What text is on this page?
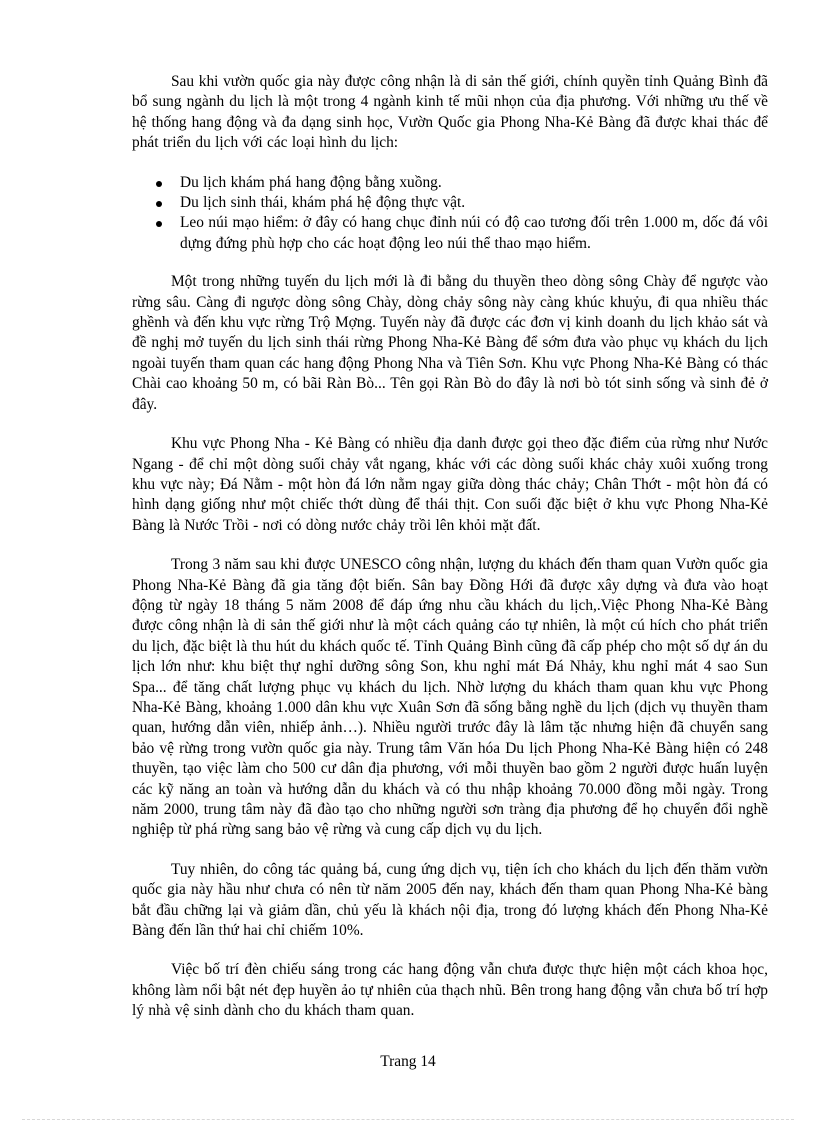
Sau khi vườn quốc gia này được công nhận là di sản thế giới, chính quyền tỉnh Quảng Bình đã bổ sung ngành du lịch là một trong 4 ngành kinh tế mũi nhọn của địa phương. Với những ưu thế về hệ thống hang động và đa dạng sinh học, Vườn Quốc gia Phong Nha-Kẻ Bàng đã được khai thác để phát triển du lịch với các loại hình du lịch:

Du lịch khám phá hang động bằng xuồng.
Du lịch sinh thái, khám phá hệ động thực vật.
Leo núi mạo hiểm: ở đây có hang chục đỉnh núi có độ cao tương đối trên 1.000 m, dốc đá vôi dựng đứng phù hợp cho các hoạt động leo núi thể thao mạo hiểm.

Một trong những tuyến du lịch mới là đi bằng du thuyền theo dòng sông Chày để ngược vào rừng sâu. Càng đi ngược dòng sông Chày, dòng chảy sông này càng khúc khuỷu, đi qua nhiều thác ghềnh và đến khu vực rừng Trộ Mợng. Tuyến này đã được các đơn vị kinh doanh du lịch khảo sát và đề nghị mở tuyến du lịch sinh thái rừng Phong Nha-Kẻ Bàng để sớm đưa vào phục vụ khách du lịch ngoài tuyến tham quan các hang động Phong Nha và Tiên Sơn. Khu vực Phong Nha-Kẻ Bàng có thác Chài cao khoảng 50 m, có bãi Ràn Bò... Tên gọi Ràn Bò do đây là nơi bò tót sinh sống và sinh đẻ ở đây.

Khu vực Phong Nha - Kẻ Bàng có nhiều địa danh được gọi theo đặc điểm của rừng như Nước Ngang - để chỉ một dòng suối chảy vắt ngang, khác với các dòng suối khác chảy xuôi xuống trong khu vực này; Đá Nằm - một hòn đá lớn nằm ngay giữa dòng thác chảy; Chân Thớt - một hòn đá có hình dạng giống như một chiếc thớt dùng để thái thịt. Con suối đặc biệt ở khu vực Phong Nha-Kẻ Bàng là Nước Trồi - nơi có dòng nước chảy trồi lên khỏi mặt đất.

Trong 3 năm sau khi được UNESCO công nhận, lượng du khách đến tham quan Vườn quốc gia Phong Nha-Kẻ Bàng đã gia tăng đột biến. Sân bay Đồng Hới đã được xây dựng và đưa vào hoạt động từ ngày 18 tháng 5 năm 2008 để đáp ứng nhu cầu khách du lịch,.Việc Phong Nha-Kẻ Bàng được công nhận là di sản thế giới như là một cách quảng cáo tự nhiên, là một cú hích cho phát triển du lịch, đặc biệt là thu hút du khách quốc tế. Tỉnh Quảng Bình cũng đã cấp phép cho một số dự án du lịch lớn như: khu biệt thự nghỉ dưỡng sông Son, khu nghỉ mát Đá Nhảy, khu nghỉ mát 4 sao Sun Spa... để tăng chất lượng phục vụ khách du lịch. Nhờ lượng du khách tham quan khu vực Phong Nha-Kẻ Bàng, khoảng 1.000 dân khu vực Xuân Sơn đã sống bằng nghề du lịch (dịch vụ thuyền tham quan, hướng dẫn viên, nhiếp ảnh…). Nhiều người trước đây là lâm tặc nhưng hiện đã chuyển sang bảo vệ rừng trong vườn quốc gia này. Trung tâm Văn hóa Du lịch Phong Nha-Kẻ Bàng hiện có 248 thuyền, tạo việc làm cho 500 cư dân địa phương, với mỗi thuyền bao gồm 2 người được huấn luyện các kỹ năng an toàn và hướng dẫn du khách và có thu nhập khoảng 70.000 đồng mỗi ngày. Trong năm 2000, trung tâm này đã đào tạo cho những người sơn tràng địa phương để họ chuyển đổi nghề nghiệp từ phá rừng sang bảo vệ rừng và cung cấp dịch vụ du lịch.

Tuy nhiên, do công tác quảng bá, cung ứng dịch vụ, tiện ích cho khách du lịch đến thăm vườn quốc gia này hầu như chưa có nên từ năm 2005 đến nay, khách đến tham quan Phong Nha-Kẻ bàng bắt đầu chững lại và giảm dần, chủ yếu là khách nội địa, trong đó lượng khách đến Phong Nha-Kẻ Bàng đến lần thứ hai chỉ chiếm 10%.

Việc bố trí đèn chiếu sáng trong các hang động vẫn chưa được thực hiện một cách khoa học, không làm nổi bật nét đẹp huyền ảo tự nhiên của thạch nhũ. Bên trong hang động vẫn chưa bố trí hợp lý nhà vệ sinh dành cho du khách tham quan.

Trang 14
